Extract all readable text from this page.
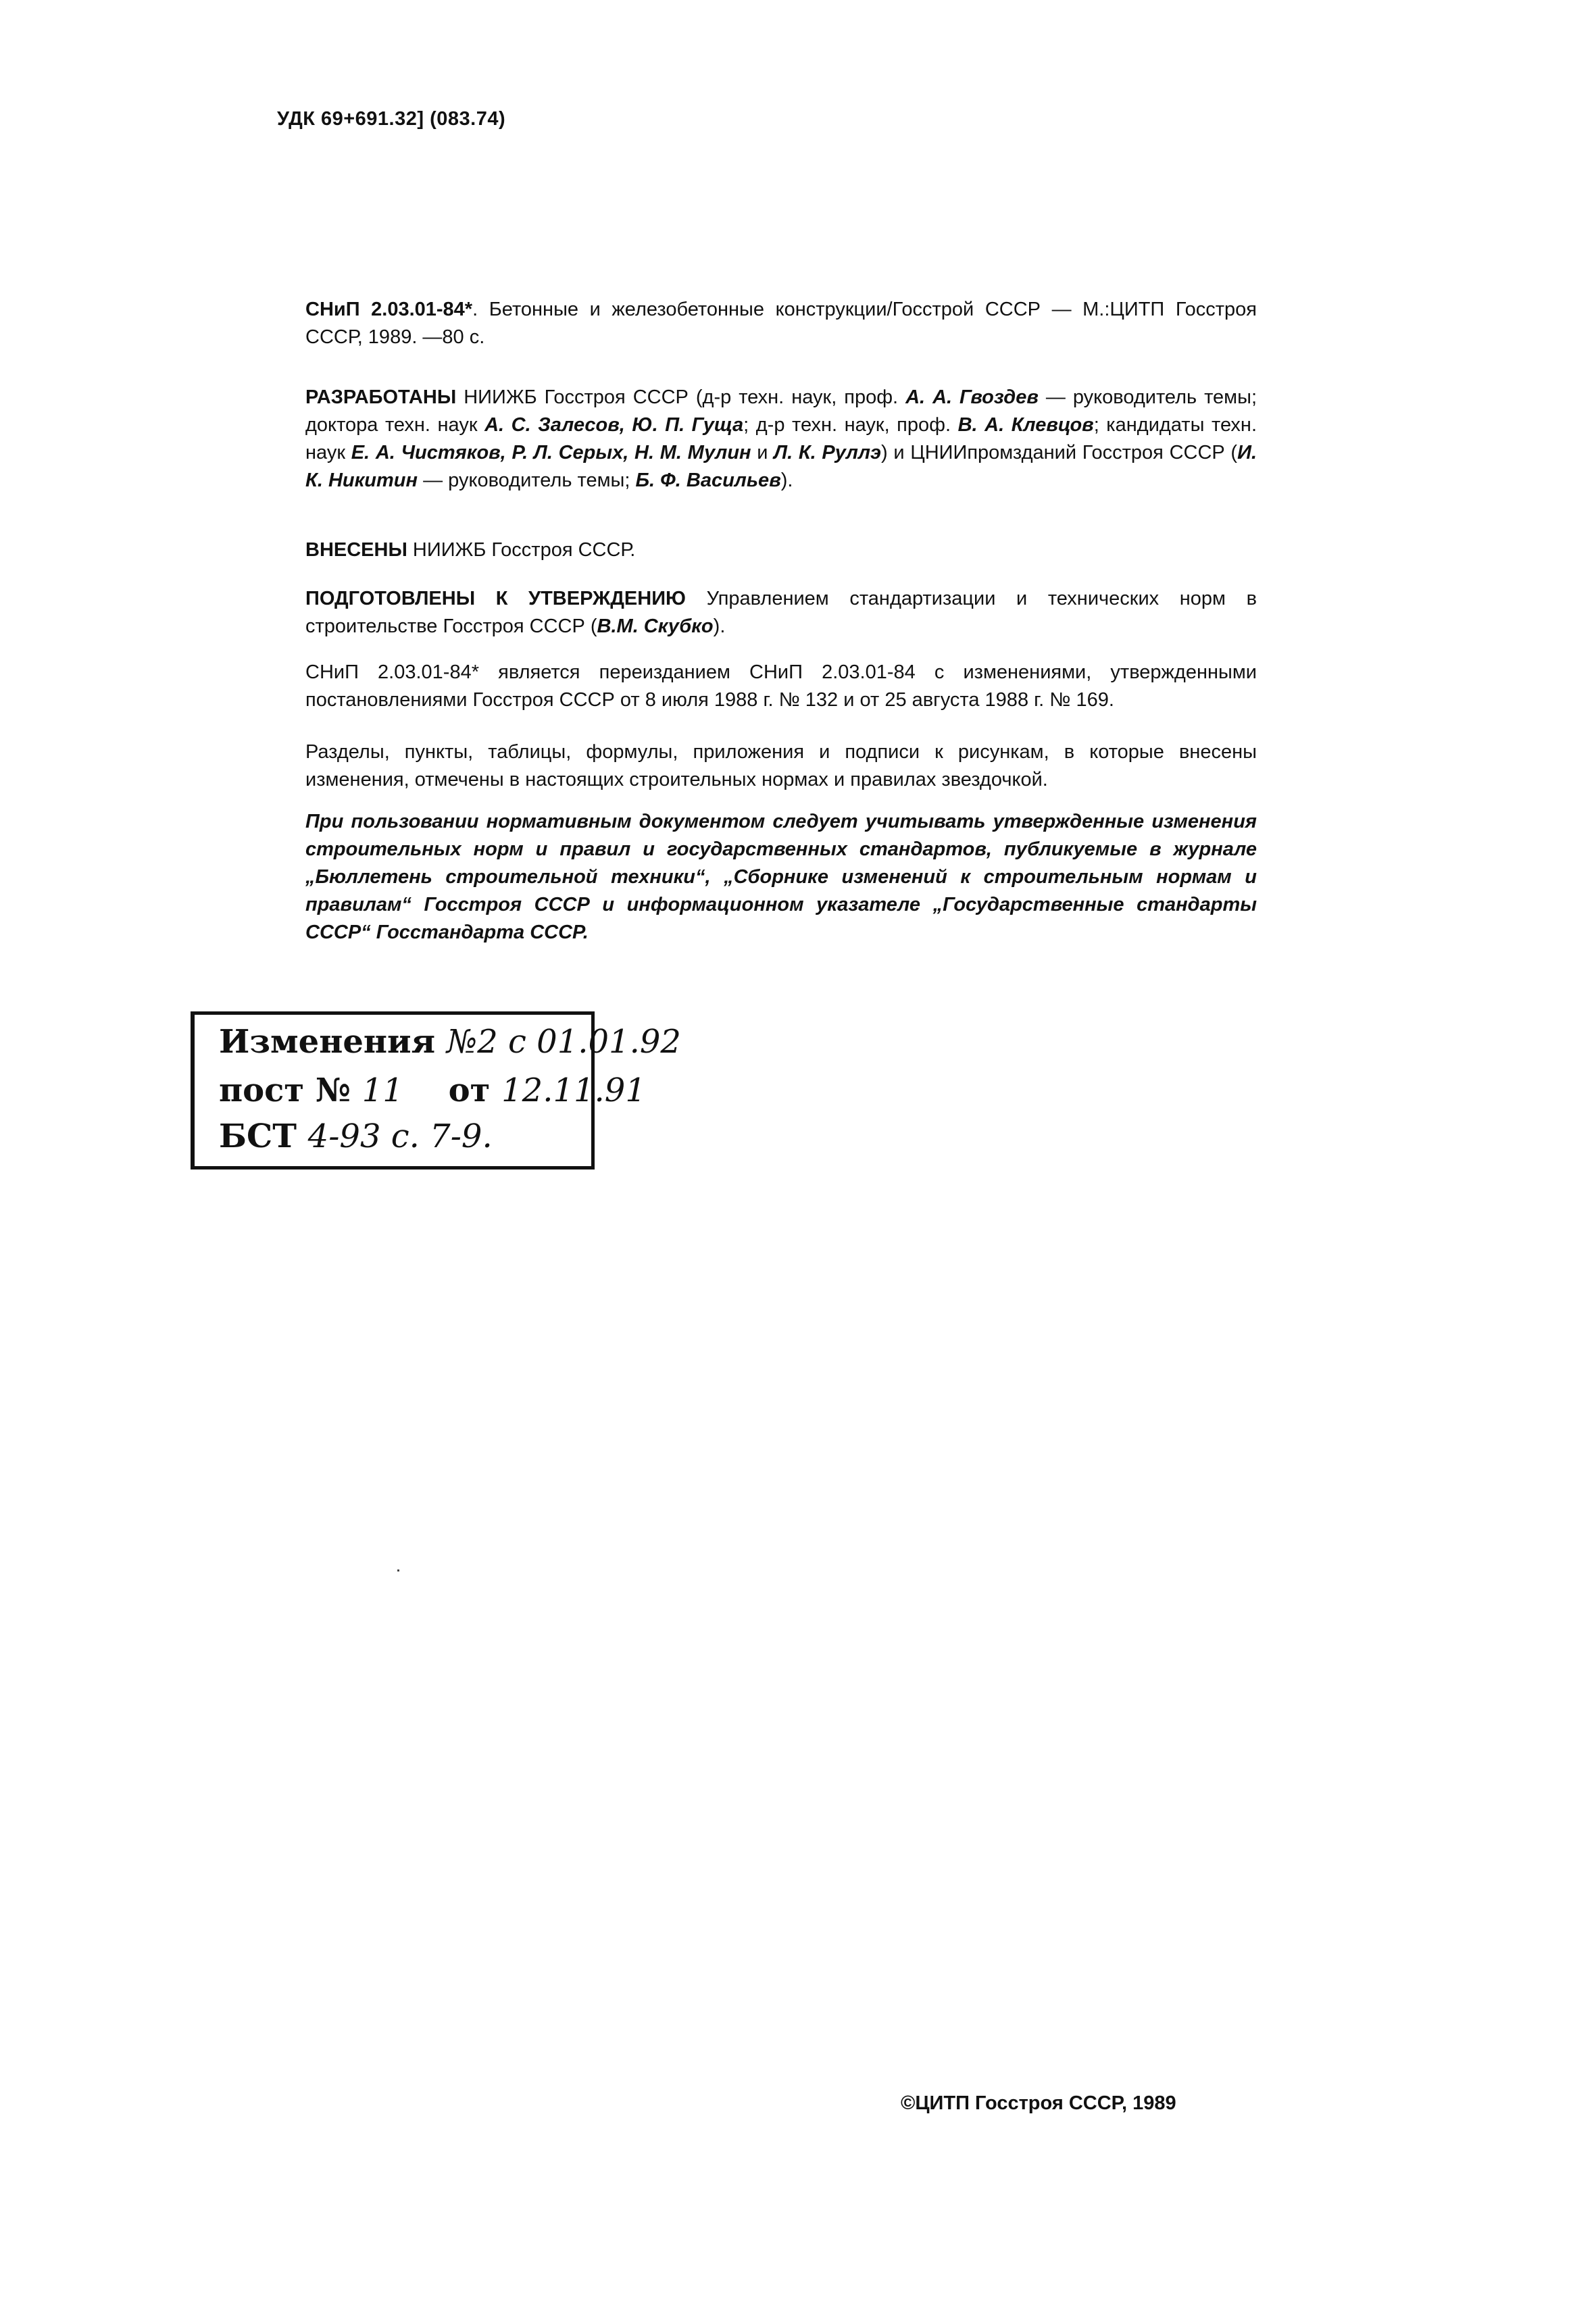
УДК 69+691.32] (083.74)
СНиП 2.03.01-84*. Бетонные и железобетонные конструкции/Госстрой СССР — М.:ЦИТП Госстроя СССР, 1989. —80 с.
РАЗРАБОТАНЫ НИИЖБ Госстроя СССР (д-р техн. наук, проф. А. А. Гвоздев — руководитель темы; доктора техн. наук А. С. Залесов, Ю. П. Гуща; д-р техн. наук, проф. В. А. Клевцов; кандидаты техн. наук Е. А. Чистяков, Р. Л. Серых, Н. М. Мулин и Л. К. Руллэ) и ЦНИИпромзданий Госстроя СССР (И. К. Никитин — руководитель темы; Б. Ф. Васильев).
ВНЕСЕНЫ НИИЖБ Госстроя СССР.
ПОДГОТОВЛЕНЫ К УТВЕРЖДЕНИЮ Управлением стандартизации и технических норм в строительстве Госстроя СССР (В.М. Скубко).
СНиП 2.03.01-84* является переизданием СНиП 2.03.01-84 с изменениями, утвержденными постановлениями Госстроя СССР от 8 июля 1988 г. № 132 и от 25 августа 1988 г. № 169.
Разделы, пункты, таблицы, формулы, приложения и подписи к рисункам, в которые внесены изменения, отмечены в настоящих строительных нормах и правилах звездочкой.
При пользовании нормативным документом следует учитывать утвержденные изменения строительных норм и правил и государственных стандартов, публикуемые в журнале „Бюллетень строительной техники“, „Сборнике изменений к строительным нормам и правилам“ Госстроя СССР и информационном указателе „Государственные стандарты СССР“ Госстандарта СССР.
Изменения №2 с 01.01.92
пост № 11 от 12.11.91
БСТ 4-93 с. 7-9.
©ЦИТП Госстроя СССР, 1989
